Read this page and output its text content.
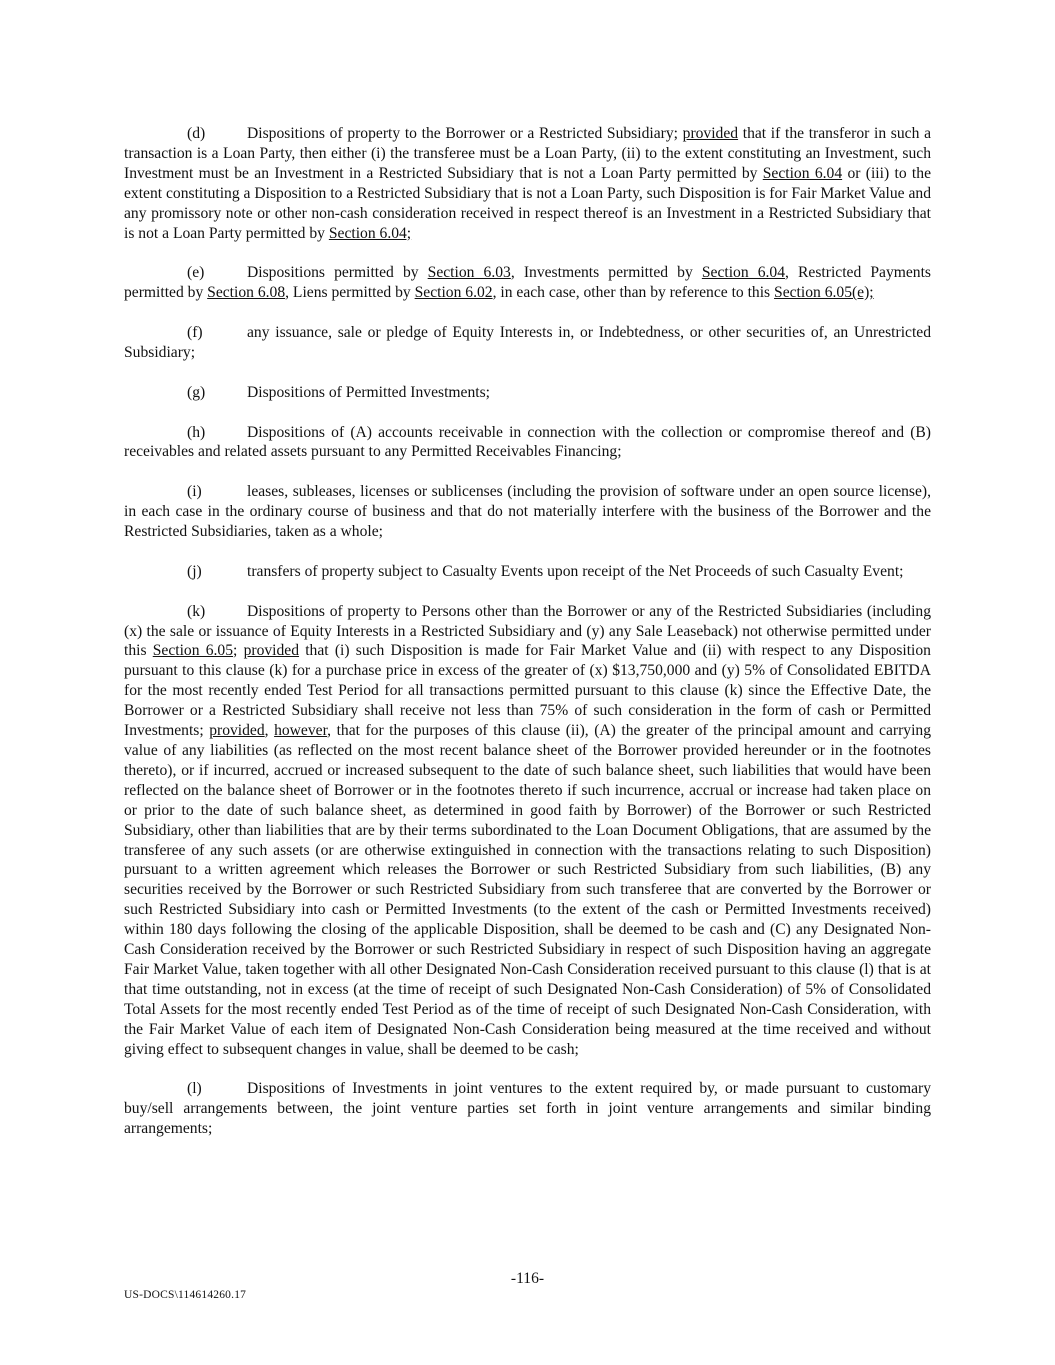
(d)	Dispositions of property to the Borrower or a Restricted Subsidiary; provided that if the transferor in such a transaction is a Loan Party, then either (i) the transferee must be a Loan Party, (ii) to the extent constituting an Investment, such Investment must be an Investment in a Restricted Subsidiary that is not a Loan Party permitted by Section 6.04 or (iii) to the extent constituting a Disposition to a Restricted Subsidiary that is not a Loan Party, such Disposition is for Fair Market Value and any promissory note or other non-cash consideration received in respect thereof is an Investment in a Restricted Subsidiary that is not a Loan Party permitted by Section 6.04;

(e)	Dispositions permitted by Section 6.03, Investments permitted by Section 6.04, Restricted Payments permitted by Section 6.08, Liens permitted by Section 6.02, in each case, other than by reference to this Section 6.05(e);

(f)	any issuance, sale or pledge of Equity Interests in, or Indebtedness, or other securities of, an Unrestricted Subsidiary;

(g)	Dispositions of Permitted Investments;

(h)	Dispositions of (A) accounts receivable in connection with the collection or compromise thereof and (B) receivables and related assets pursuant to any Permitted Receivables Financing;

(i)	leases, subleases, licenses or sublicenses (including the provision of software under an open source license), in each case in the ordinary course of business and that do not materially interfere with the business of the Borrower and the Restricted Subsidiaries, taken as a whole;

(j)	transfers of property subject to Casualty Events upon receipt of the Net Proceeds of such Casualty Event;

(k)	Dispositions of property to Persons other than the Borrower or any of the Restricted Subsidiaries (including (x) the sale or issuance of Equity Interests in a Restricted Subsidiary and (y) any Sale Leaseback) not otherwise permitted under this Section 6.05; provided that (i) such Disposition is made for Fair Market Value and (ii) with respect to any Disposition pursuant to this clause (k) for a purchase price in excess of the greater of (x) $13,750,000 and (y) 5% of Consolidated EBITDA for the most recently ended Test Period for all transactions permitted pursuant to this clause (k) since the Effective Date, the Borrower or a Restricted Subsidiary shall receive not less than 75% of such consideration in the form of cash or Permitted Investments; provided, however, that for the purposes of this clause (ii), (A) the greater of the principal amount and carrying value of any liabilities (as reflected on the most recent balance sheet of the Borrower provided hereunder or in the footnotes thereto), or if incurred, accrued or increased subsequent to the date of such balance sheet, such liabilities that would have been reflected on the balance sheet of Borrower or in the footnotes thereto if such incurrence, accrual or increase had taken place on or prior to the date of such balance sheet, as determined in good faith by Borrower) of the Borrower or such Restricted Subsidiary, other than liabilities that are by their terms subordinated to the Loan Document Obligations, that are assumed by the transferee of any such assets (or are otherwise extinguished in connection with the transactions relating to such Disposition) pursuant to a written agreement which releases the Borrower or such Restricted Subsidiary from such liabilities, (B) any securities received by the Borrower or such Restricted Subsidiary from such transferee that are converted by the Borrower or such Restricted Subsidiary into cash or Permitted Investments (to the extent of the cash or Permitted Investments received) within 180 days following the closing of the applicable Disposition, shall be deemed to be cash and (C) any Designated Non-Cash Consideration received by the Borrower or such Restricted Subsidiary in respect of such Disposition having an aggregate Fair Market Value, taken together with all other Designated Non-Cash Consideration received pursuant to this clause (l) that is at that time outstanding, not in excess (at the time of receipt of such Designated Non-Cash Consideration) of 5% of Consolidated Total Assets for the most recently ended Test Period as of the time of receipt of such Designated Non-Cash Consideration, with the Fair Market Value of each item of Designated Non-Cash Consideration being measured at the time received and without giving effect to subsequent changes in value, shall be deemed to be cash;

(l)	Dispositions of Investments in joint ventures to the extent required by, or made pursuant to customary buy/sell arrangements between, the joint venture parties set forth in joint venture arrangements and similar binding arrangements;

-116-
US-DOCS\114614260.17
